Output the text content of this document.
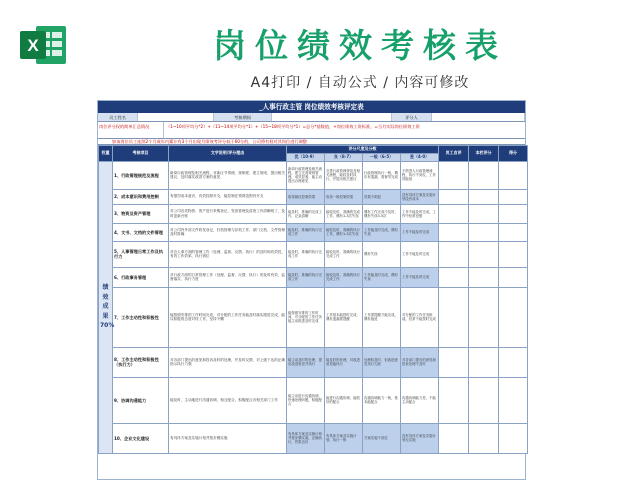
X	岗位绩效考核表
A4打印 / 自动公式 / 内容可修改
_人事行政主管 岗位绩效考核评定表
员工姓名	考核期间	评分人
岗位评分权的简单汇总情况	（1~10项平均分*2）+（11~14项平均分*1）+（15~18项平均分*1）=总分*基数值，+岗位绩效工资标准，=当月实际岗位绩效工资
如该岗位员工连续2个月或年内累计有3个月出现月绩效考评分低于60分的，公司将有权对其岗位进行调整
权重	考核项目	文字说明/评分理由	评分尺度及分数				员工自评	本栏评分	得分
			优（10-9）	良（8-7）	一般（6-5）	差（4-0）			
绩效成果70%	1、行政管理规范及流程	新岗行政管理及相关流程，对新区节奏理、规制度、建立规则，提出相关建议，及时落实改善方案的意见	新岗行政管理及相关流程，建立完善规则管理，成效显著，能主动提出合理意见	完善行政管理规范及相关流程，能较及时执行，并提出相关建议	行政管理执行一般，偶尔有遗漏，需督导完成	不熟悉人行政管理流程，执行不到位，工作效能低			
	2、成本意识和费用控制	有强烈成本意识，有效控制开支，能控制在预算范围内开支	取得最佳控制效果	取得一般控制效果	效果不明显	没有具体方案及实施计划没有成本			
	3、物资及资产管理	对公司各类物资、资产进行采购登记、发放管理及清查工作清晰明了，及时更新台账	能及时，准确的完成工作，记录清晰	能较及时，准确的完成工作，偶有1-3次失误	偶有工作完成不及时，偶有失误3-5次	工作不能及时完成，工作中经常犯错			
	4、文书、文档的文件管理	对公司内外部文件收发登记，归档管理与存档工作，部门文档、文件管理及时准确	能及时，准确的执行完成工作	能较及时，准确的执行工作，偶有1-3次失误	工作能及时完成，偶有失误	工作不能及时完成			
	5、人事管理日常工作及执行力	对各人事方面的管理工作（处理、监督、反馈、执行）的及时和有效性，有效工作效率，执行到位	能及时，准确的执行完成工作	能较及时，准确的执行完成工作	偶有失误	工作不能及时完成			
	6、行政事务管理	对行政方面的日常管理工作（处理、监督、反馈、执行）的及时有效，监督落实、执行力度	能及时，准确的执行完成工作	能较及时，准确的执行完成工作	工作能及时完成，偶有失误	工作不能及时完成			
	7、工作主动性和积极性	能按照安排的工作时间完成，对分配的工作任务能及时落实跟进完成，能以积极的态度对待工作，坚持不懈	能按照安排的工作时间，对分配的工作任务能主动推进及时完成	工作基本能按时完成，偶有遗漏需提醒	工作需提醒才能完成，偶有拖延	对分配的工作任务推诿，经常不能按时完成			
	8、工作主动性和积极性（执行力）	对各部门提出的意见和投诉及时的处理，并及时反馈，对上级下达的正确指示执行力强	能主动及时的处理，提出改进意见并执行	能及时的处理，对改进意见能执行	处理较及时，但改进意见执行欠缺	对各部门提出的意见和投诉处理不及时			
	9、协调沟通能力	能及时、主动地进行沟通协调，相互配合，积极配合各相关部门工作	能主动进行沟通协调，快速处理问题，积极配合	能进行沟通协调，能较好的配合	沟通协调能力一般，基本能配合	沟通协调能力差，不能主动配合			
	10、企业文化建设	有具体方案及实施计划并按步骤实施	有具体方案及实施计划并按步骤实施，正确执行，效果良好	有具体方案及实施计划，执行一般	方案实施不到位	没有具体方案及实施计划无实施			
